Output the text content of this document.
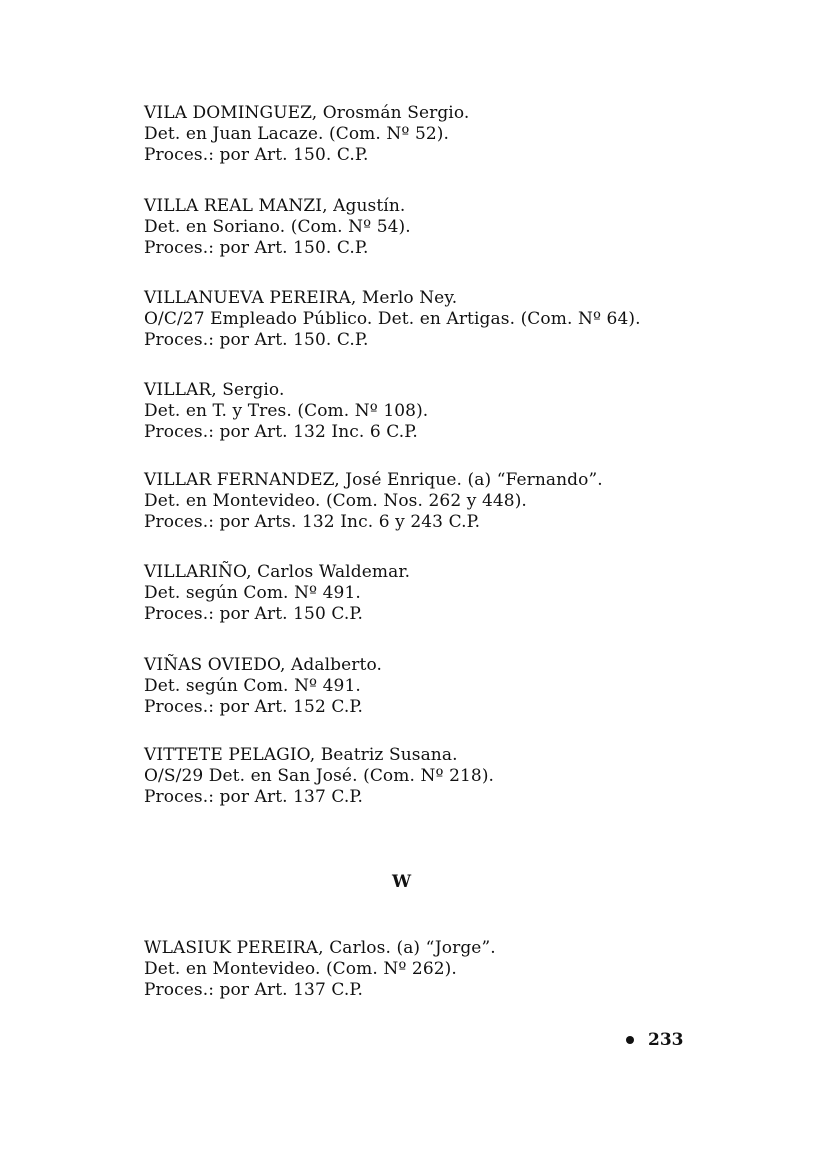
VILA DOMINGUEZ, Orosmán Sergio.
Det. en Juan Lacaze. (Com. Nº 52).
Proces.: por Art. 150. C.P.
VILLA REAL MANZI, Agustín.
Det. en Soriano. (Com. Nº 54).
Proces.: por Art. 150. C.P.
VILLANUEVA PEREIRA, Merlo Ney.
O/C/27 Empleado Público. Det. en Artigas. (Com. Nº 64).
Proces.: por Art. 150. C.P.
VILLAR, Sergio.
Det. en T. y Tres. (Com. Nº 108).
Proces.: por Art. 132 Inc. 6 C.P.
VILLAR FERNANDEZ, José Enrique. (a) “Fernando”.
Det. en Montevideo. (Com. Nos. 262 y 448).
Proces.: por Arts. 132 Inc. 6 y 243 C.P.
VILLARIÑO, Carlos Waldemar.
Det. según Com. Nº 491.
Proces.: por Art. 150 C.P.
VIÑAS OVIEDO, Adalberto.
Det. según Com. Nº 491.
Proces.: por Art. 152 C.P.
VITTETE PELAGIO, Beatriz Susana.
O/S/29 Det. en San José. (Com. Nº 218).
Proces.: por Art. 137 C.P.
W
WLASIUK PEREIRA, Carlos. (a) “Jorge”.
Det. en Montevideo. (Com. Nº 262).
Proces.: por Art. 137 C.P.
233
